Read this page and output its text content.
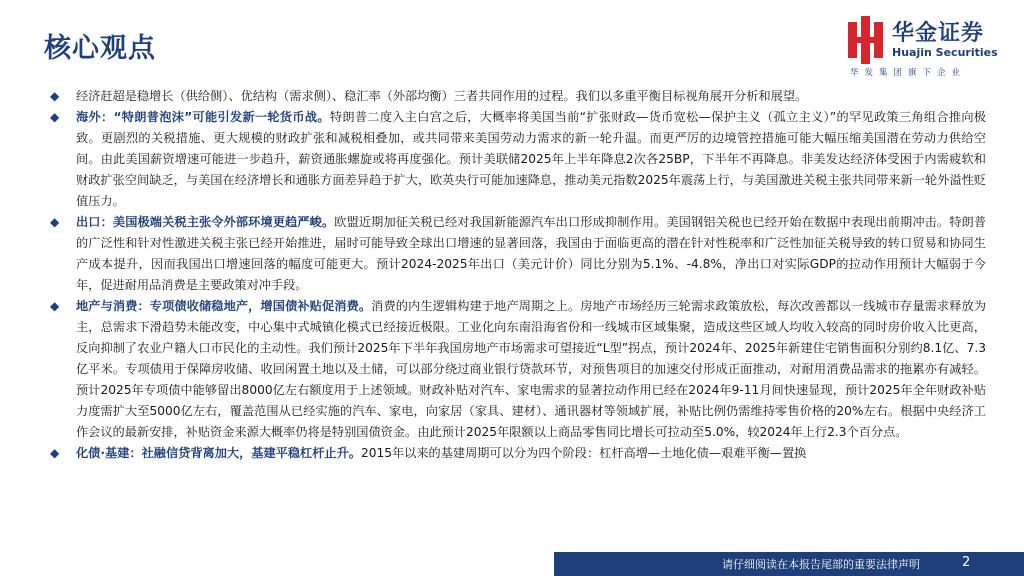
核心观点	华金证券
Huajin Securities
华发集团旗下企业
◆ 经济赶超是稳增长（供给侧）、优结构（需求侧）、稳汇率（外部均衡）三者共同作用的过程。我们以多重平衡目标视角展开分析和展望。
◆ 海外：“特朗普泡沫”可能引发新一轮货币战。特朗普二度入主白宫之后，大概率将美国当前“扩张财政—货币宽松—保护主义（孤立主义）”的罕见政策三角组合推向极致。更剧烈的关税措施、更大规模的财政扩张和减税相叠加，或共同带来美国劳动力需求的新一轮升温。而更严厉的边境管控措施可能大幅压缩美国潜在劳动力供给空间。由此美国薪资增速可能进一步趋升，薪资通胀螺旋或将再度强化。预计美联储2025年上半年降息2次各25BP，下半年不再降息。非美发达经济体受困于内需疲软和财政扩张空间缺乏，与美国在经济增长和通胀方面差异趋于扩大，欧英央行可能加速降息，推动美元指数2025年震荡上行，与美国激进关税主张共同带来新一轮外溢性贬值压力。
◆ 出口：美国极端关税主张令外部环境更趋严峻。欧盟近期加征关税已经对我国新能源汽车出口形成抑制作用。美国钢铝关税也已经开始在数据中表现出前期冲击。特朗普的广泛性和针对性激进关税主张已经开始推进，届时可能导致全球出口增速的显著回落，我国由于面临更高的潜在针对性税率和广泛性加征关税导致的转口贸易和协同生产成本提升，因而我国出口增速回落的幅度可能更大。预计2024-2025年出口（美元计价）同比分别为5.1%、-4.8%，净出口对实际GDP的拉动作用预计大幅弱于今年，促进耐用品消费是主要政策对冲手段。
◆ 地产与消费：专项债收储稳地产，增国债补贴促消费。消费的内生逻辑构建于地产周期之上。房地产市场经历三轮需求政策放松，每次改善都以一线城市存量需求释放为主，总需求下滑趋势未能改变，中心集中式城镇化模式已经接近极限。工业化向东南沿海省份和一线城市区域集聚，造成这些区域人均收入较高的同时房价收入比更高，反向抑制了农业户籍人口市民化的主动性。我们预计2025年下半年我国房地产市场需求可望接近“L型”拐点，预计2024年、2025年新建住宅销售面积分别约8.1亿、7.3亿平米。专项债用于保障房收储、收回闲置土地以及土储，可以部分绕过商业银行贷款环节，对预售项目的加速交付形成正面推动，对耐用消费品需求的拖累亦有减轻。预计2025年专项债中能够留出8000亿左右额度用于上述领域。财政补贴对汽车、家电需求的显著拉动作用已经在2024年9-11月间快速显现，预计2025年全年财政补贴力度需扩大至5000亿左右，覆盖范围从已经实施的汽车、家电，向家居（家具、建材）、通讯器材等领域扩展，补贴比例仍需维持零售价格的20%左右。根据中央经济工作会议的最新安排，补贴资金来源大概率仍将是特别国债资金。由此预计2025年限额以上商品零售同比增长可拉动至5.0%，较2024年上行2.3个百分点。
◆ 化债·基建：社融信贷背离加大，基建平稳杠杆止升。2015年以来的基建周期可以分为四个阶段：杠杆高增—土地化债—艰难平衡—置换
请仔细阅读在本报告尾部的重要法律声明	2
